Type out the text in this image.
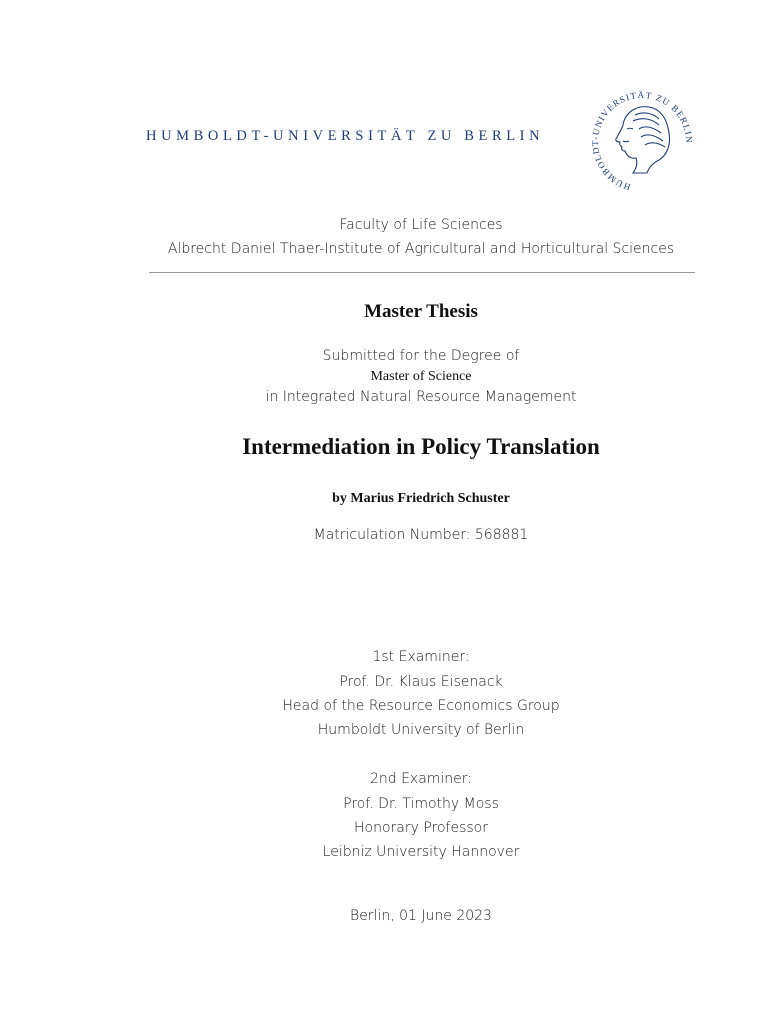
HUMBOLDT-UNIVERSITÄT ZU BERLIN
HUMBOLDT-UNIVERSITÄT ZU BERLIN
Faculty of Life Sciences
Albrecht Daniel Thaer-Institute of Agricultural and Horticultural Sciences
Master Thesis
Submitted for the Degree of
Master of Science
in Integrated Natural Resource Management
Intermediation in Policy Translation
by Marius Friedrich Schuster
Matriculation Number: 568881
1st Examiner:
Prof. Dr. Klaus Eisenack
Head of the Resource Economics Group
Humboldt University of Berlin
2nd Examiner:
Prof. Dr. Timothy Moss
Honorary Professor
Leibniz University Hannover
Berlin, 01 June 2023
